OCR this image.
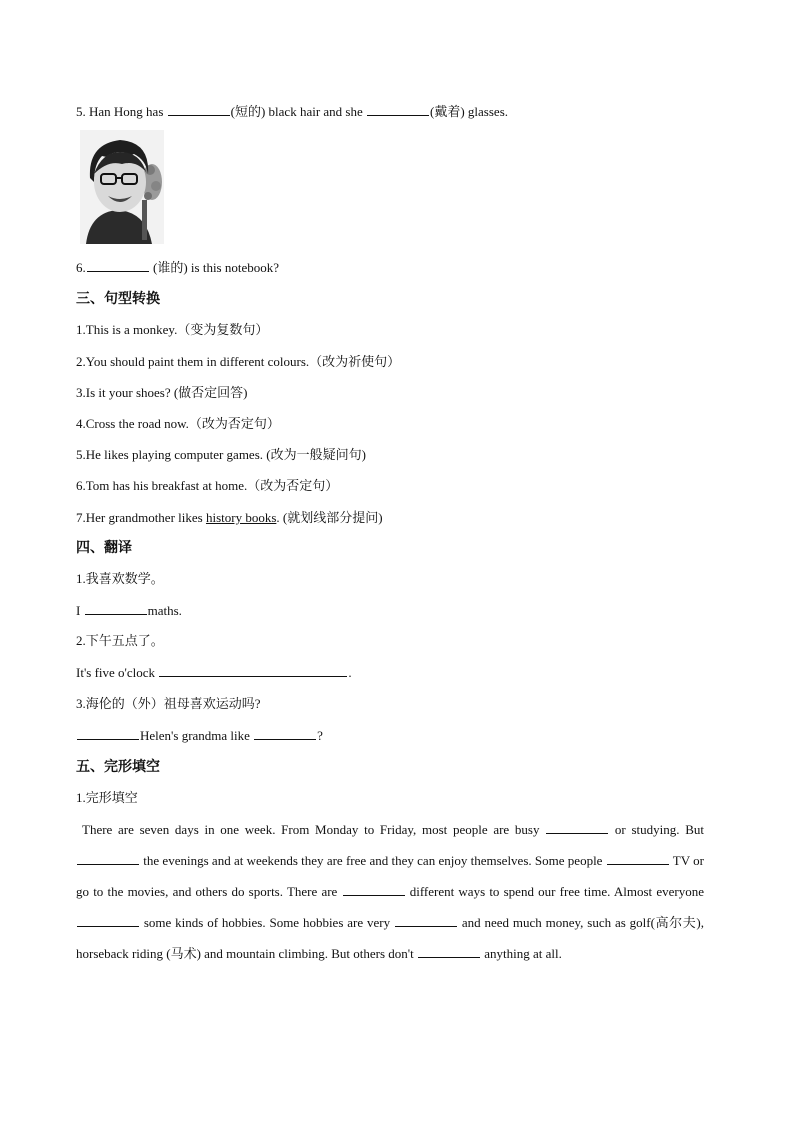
5. Han Hong has	(短的) black hair and she	(戴着) glasses.
6.	(谁的) is this notebook?
三、句型转换
1.This is a monkey.（变为复数句）
2.You should paint them in different colours.（改为祈使句）
3.Is it your shoes? (做否定回答)
4.Cross the road now.（改为否定句）
5.He likes playing computer games. (改为一般疑问句)
6.Tom has his breakfast at home.（改为否定句）
7.Her grandmother likes history books. (就划线部分提问)
四、翻译
1.我喜欢数学。
I	maths.
2.下午五点了。
It's five o'clock	.
3.海伦的（外）祖母喜欢运动吗?
Helen's grandma like	?
五、完形填空
1.完形填空
There are seven days in one week. From Monday to Friday, most people are busy	or studying. But  the evenings and at weekends they are free and they can enjoy themselves. Some people	TV or go to the movies, and others do sports. There are	different ways to spend our free time. Almost everyone  some kinds of hobbies. Some hobbies are very	and need much money, such as golf(高尔夫), horseback riding (马术) and mountain climbing. But others don't	anything at all.
